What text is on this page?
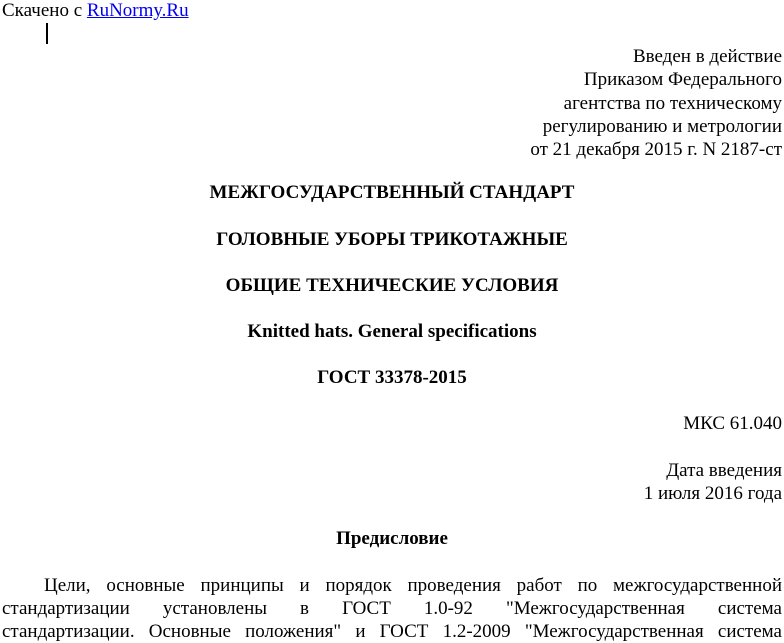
Скачено с RuNormy.Ru
Введен в действие
Приказом Федерального
агентства по техническому
регулированию и метрологии
от 21 декабря 2015 г. N 2187-ст
МЕЖГОСУДАРСТВЕННЫЙ СТАНДАРТ
ГОЛОВНЫЕ УБОРЫ ТРИКОТАЖНЫЕ
ОБЩИЕ ТЕХНИЧЕСКИЕ УСЛОВИЯ
Knitted hats. General specifications
ГОСТ 33378-2015
МКС 61.040
Дата введения
1 июля 2016 года
Предисловие
Цели, основные принципы и порядок проведения работ по межгосударственной
стандартизации установлены в ГОСТ 1.0-92 "Межгосударственная система
стандартизации. Основные положения" и ГОСТ 1.2-2009 "Межгосударственная система
